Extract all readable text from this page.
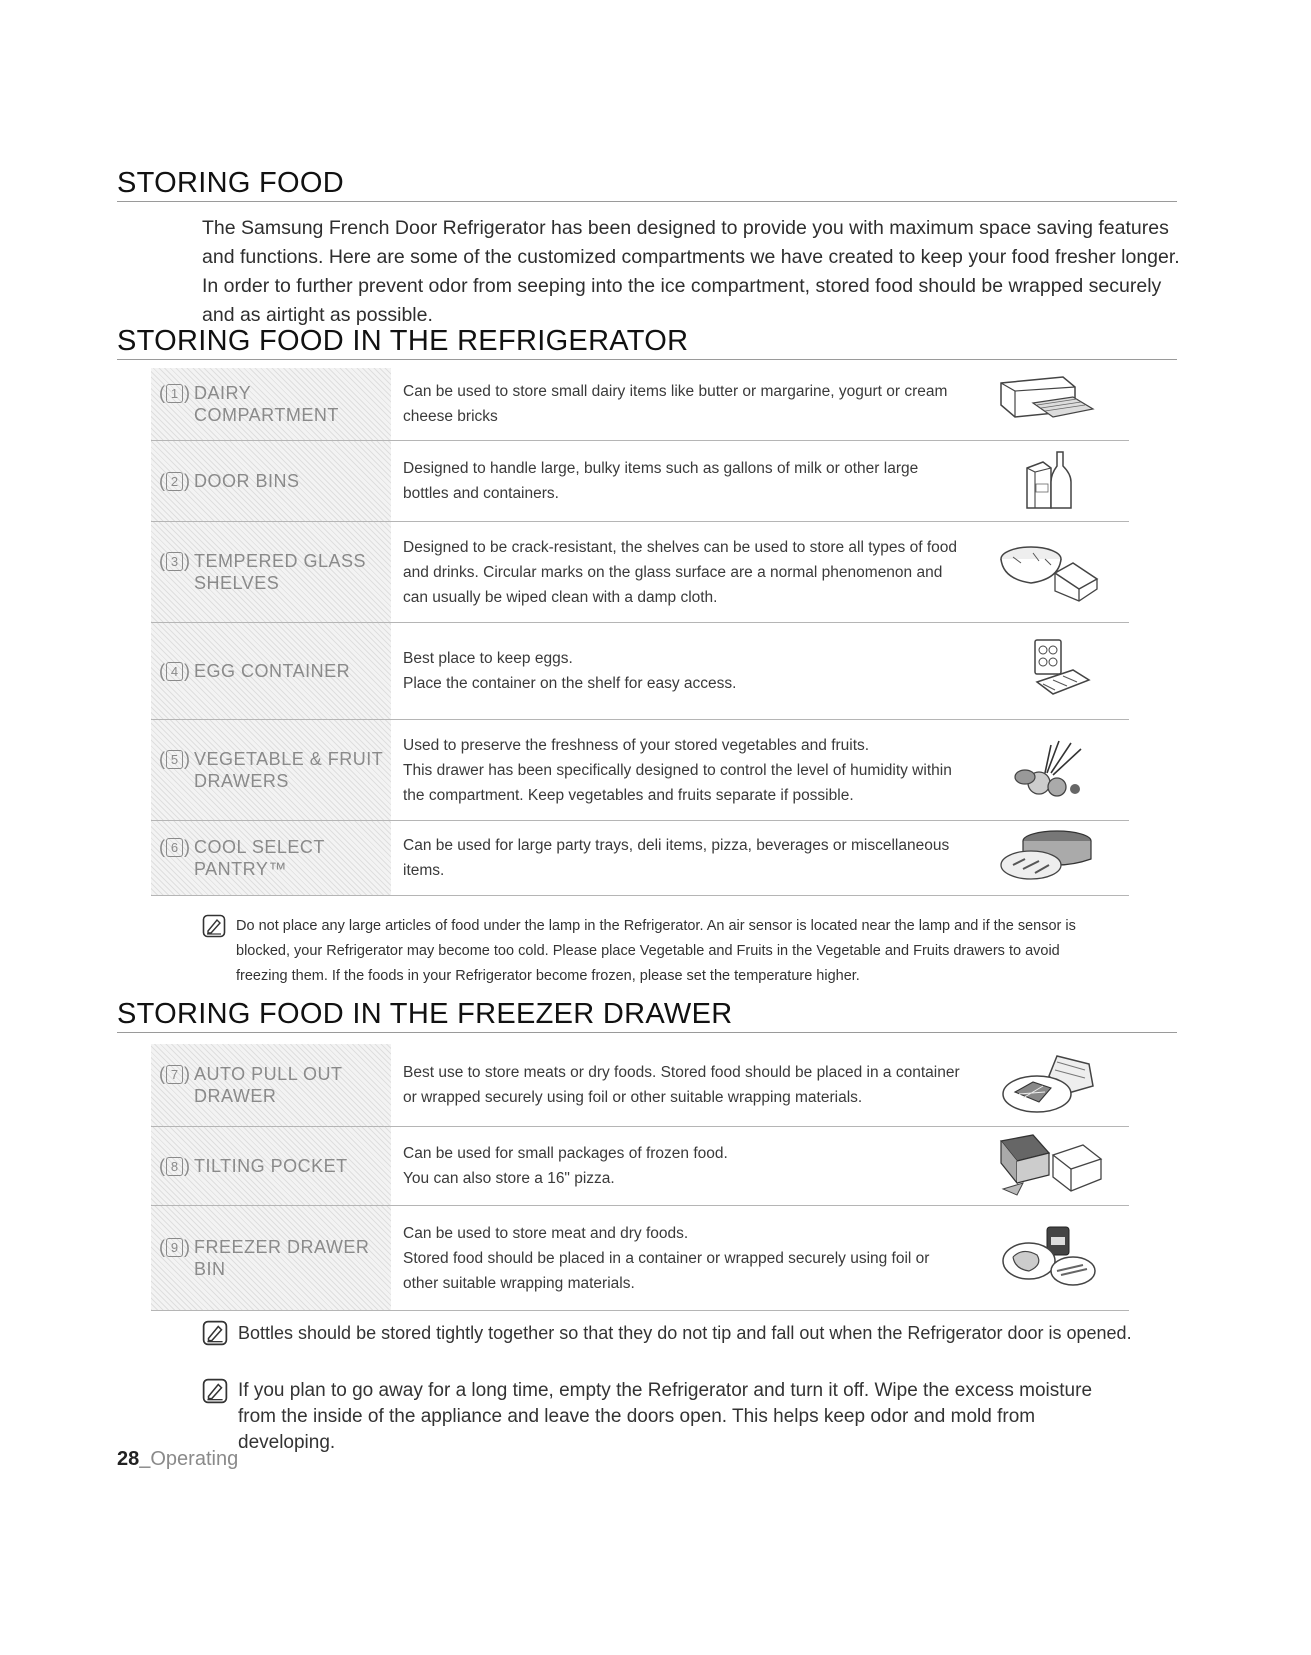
STORING FOOD
The Samsung French Door Refrigerator has been designed to provide you with maximum space saving features and functions. Here are some of the customized compartments we have created to keep your food fresher longer. In order to further prevent odor from seeping into the ice compartment, stored food should be wrapped securely and as airtight as possible.
STORING FOOD IN THE REFRIGERATOR
( 1 ) DAIRY
COMPARTMENT
Can be used to store small dairy items like butter or margarine, yogurt or cream cheese bricks
( 2 ) DOOR BINS
Designed to handle large, bulky items such as gallons of milk or other large bottles and containers.
( 3 ) TEMPERED GLASS
SHELVES
Designed to be crack-resistant, the shelves can be used to store all types of food and drinks. Circular marks on the glass surface are a normal phenomenon and can usually be wiped clean with a damp cloth.
( 4 ) EGG CONTAINER
Best place to keep eggs.
Place the container on the shelf for easy access.
( 5 ) VEGETABLE & FRUIT
DRAWERS
Used to preserve the freshness of your stored vegetables and fruits.
This drawer has been specifically designed to control the level of humidity within the compartment. Keep vegetables and fruits separate if possible.
( 6 ) COOL SELECT
PANTRY™
Can be used for large party trays, deli items, pizza, beverages or miscellaneous items.
Do not place any large articles of food under the lamp in the Refrigerator. An air sensor is located near the lamp and if the sensor is blocked, your Refrigerator may become too cold. Please place Vegetable and Fruits in the Vegetable and Fruits drawers to avoid freezing them. If the foods in your Refrigerator become frozen, please set the temperature higher.
STORING FOOD IN THE FREEZER DRAWER
( 7 ) AUTO PULL OUT
DRAWER
Best use to store meats or dry foods. Stored food should be placed in a container or wrapped securely using foil or other suitable wrapping materials.
( 8 ) TILTING POCKET
Can be used for small packages of frozen food.
You can also store a 16" pizza.
( 9 ) FREEZER DRAWER
BIN
Can be used to store meat and dry foods.
Stored food should be placed in a container or wrapped securely using foil or other suitable wrapping materials.
Bottles should be stored tightly together so that they do not tip and fall out when the Refrigerator door is opened.
If you plan to go away for a long time, empty the Refrigerator and turn it off. Wipe the excess moisture from the inside of the appliance and leave the doors open. This helps keep odor and mold from developing.
28_Operating
